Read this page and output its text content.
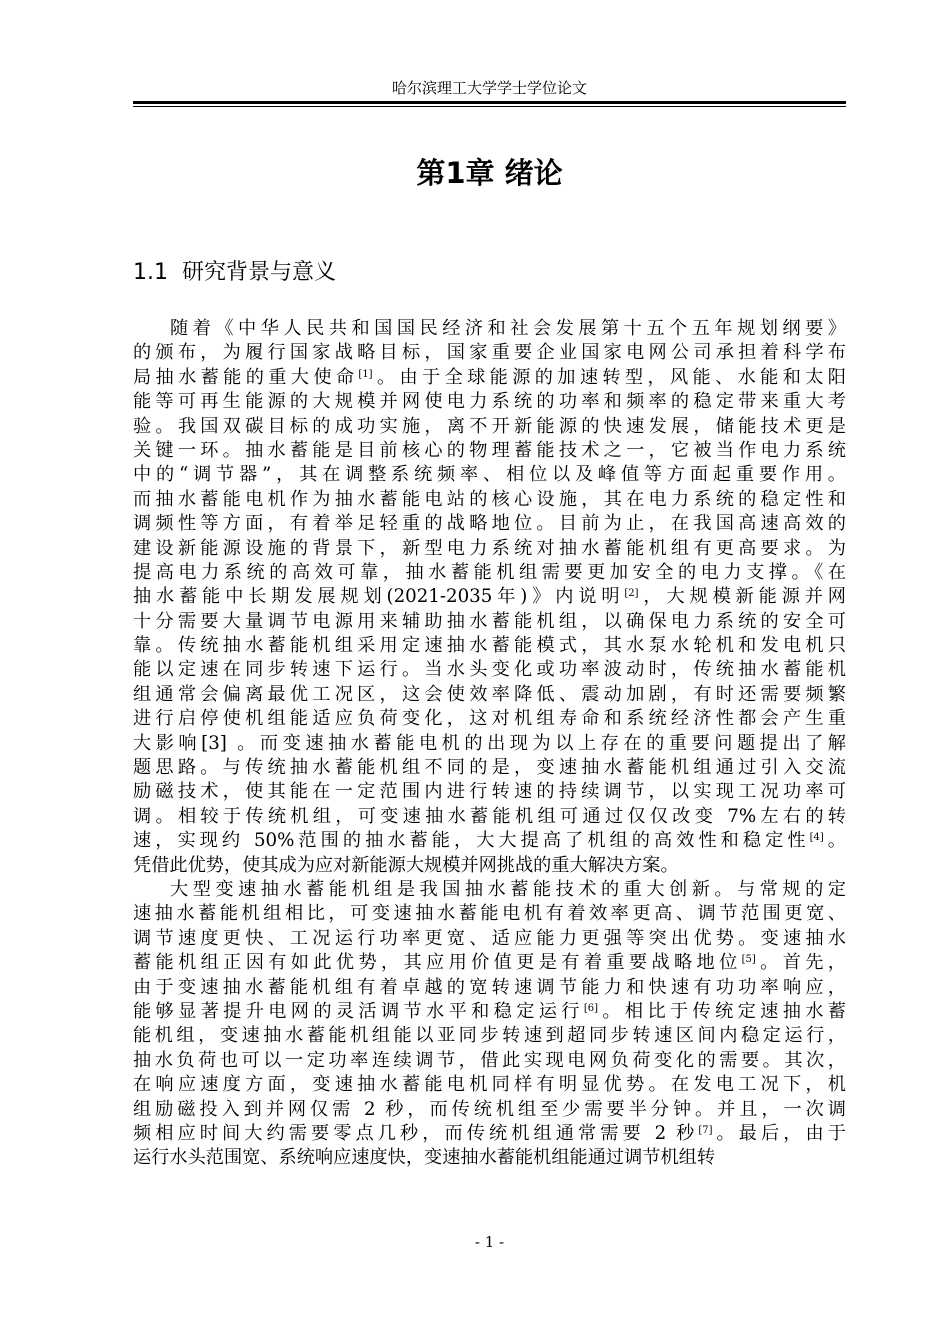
哈尔滨理工大学学士学位论文
第1章 绪论
1.1 研究背景与意义
随着《中华人民共和国国民经济和社会发展第十五个五年规划纲要》
的颁布，为履行国家战略目标，国家重要企业国家电网公司承担着科学布
局抽水蓄能的重大使命[1]。由于全球能源的加速转型，风能、水能和太阳
能等可再生能源的大规模并网使电力系统的功率和频率的稳定带来重大考
验。我国双碳目标的成功实施，离不开新能源的快速发展，储能技术更是
关键一环。抽水蓄能是目前核心的物理蓄能技术之一，它被当作电力系统
中的“调节器”，其在调整系统频率、相位以及峰值等方面起重要作用。
而抽水蓄能电机作为抽水蓄能电站的核心设施，其在电力系统的稳定性和
调频性等方面，有着举足轻重的战略地位。目前为止，在我国高速高效的
建设新能源设施的背景下，新型电力系统对抽水蓄能机组有更高要求。为
提高电力系统的高效可靠，抽水蓄能机组需要更加安全的电力支撑。《在
抽水蓄能中长期发展规划(2021-2035年)》内说明[2]，大规模新能源并网
十分需要大量调节电源用来辅助抽水蓄能机组，以确保电力系统的安全可
靠。传统抽水蓄能机组采用定速抽水蓄能模式，其水泵水轮机和发电机只
能以定速在同步转速下运行。当水头变化或功率波动时，传统抽水蓄能机
组通常会偏离最优工况区，这会使效率降低、震动加剧，有时还需要频繁
进行启停使机组能适应负荷变化，这对机组寿命和系统经济性都会产生重
大影响[3] 。而变速抽水蓄能电机的出现为以上存在的重要问题提出了解
题思路。与传统抽水蓄能机组不同的是，变速抽水蓄能机组通过引入交流
励磁技术，使其能在一定范围内进行转速的持续调节，以实现工况功率可
调。相较于传统机组，可变速抽水蓄能机组可通过仅仅改变 7%左右的转
速，实现约 50%范围的抽水蓄能，大大提高了机组的高效性和稳定性[4]。
凭借此优势，使其成为应对新能源大规模并网挑战的重大解决方案。
大型变速抽水蓄能机组是我国抽水蓄能技术的重大创新。与常规的定
速抽水蓄能机组相比，可变速抽水蓄能电机有着效率更高、调节范围更宽、
调节速度更快、工况运行功率更宽、适应能力更强等突出优势。变速抽水
蓄能机组正因有如此优势，其应用价值更是有着重要战略地位[5]。首先，
由于变速抽水蓄能机组有着卓越的宽转速调节能力和快速有功功率响应，
能够显著提升电网的灵活调节水平和稳定运行[6]。相比于传统定速抽水蓄
能机组，变速抽水蓄能机组能以亚同步转速到超同步转速区间内稳定运行，
抽水负荷也可以一定功率连续调节，借此实现电网负荷变化的需要。其次，
在响应速度方面，变速抽水蓄能电机同样有明显优势。在发电工况下，机
组励磁投入到并网仅需 2 秒，而传统机组至少需要半分钟。并且，一次调
频相应时间大约需要零点几秒，而传统机组通常需要 2 秒[7]。最后，由于
运行水头范围宽、系统响应速度快，变速抽水蓄能机组能通过调节机组转
- 1 -
